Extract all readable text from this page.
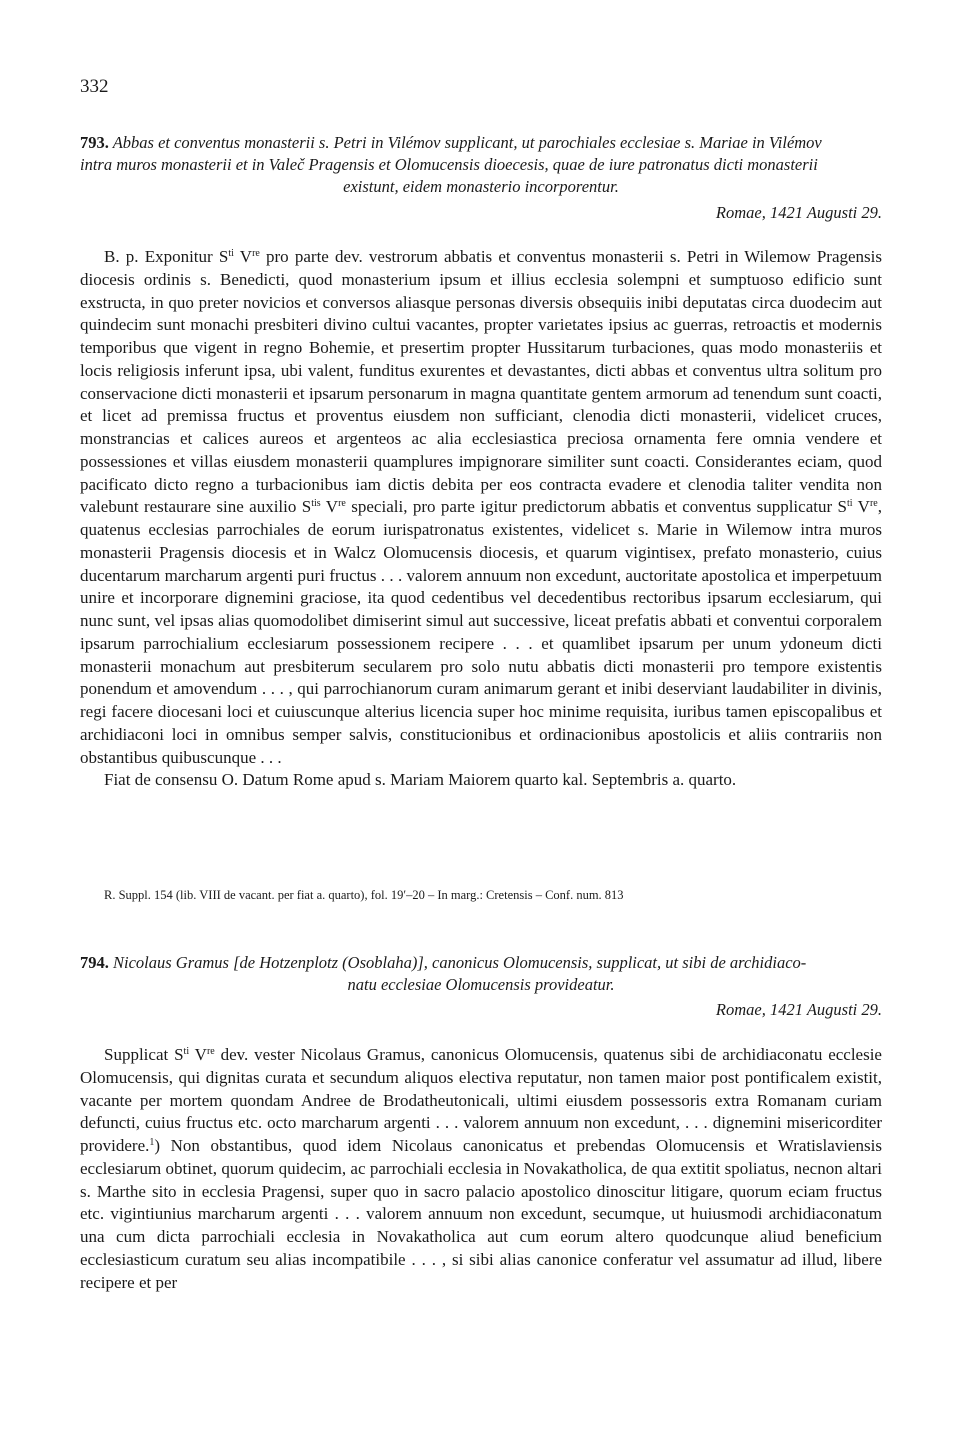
332
793. Abbas et conventus monasterii s. Petri in Vilémov supplicant, ut parochiales ecclesiae s. Mariae in Vilémov
intra muros monasterii et in Valeč Pragensis et Olomucensis dioecesis, quae de iure patronatus dicti monasterii
existunt, eidem monasterio incorporentur.
Romae, 1421 Augusti 29.

B. p. Exponitur $S^{ti}$ Vre pro parte dev. vestrorum abbatis et conventus monasterii s. Petri in Wilemow Pragensis diocesis ordinis s. Benedicti, quod monasterium ipsum et illius ecclesia solempni et sumptuoso edificio sunt exstructa, in quo preter novicios et conversos aliasque personas diversis obsequiis inibi deputatas circa duodecim aut quindecim sunt monachi presbiteri divino cultui vacantes, propter varietates ipsius ac guerras, retroactis et modernis temporibus que vigent in regno Bohemie, et presertim propter Hussitarum turbaciones, quas modo monasteriis et locis religiosis inferunt ipsa, ubi valent, funditus exurentes et devastantes, dicti abbas et conventus ultra solitum pro conservacione dicti monasterii et ipsarum personarum in magna quantitate gentem armorum ad tenendum sunt coacti, et licet ad premissa fructus et proventus eiusdem non sufficiant, clenodia dicti monasterii, videlicet cruces, monstrancias et calices aureos et argenteos ac alia ecclesiastica preciosa ornamenta fere omnia vendere et possessiones et villas eiusdem monasterii quamplures impignorare similiter sunt coacti. Considerantes eciam, quod pacificato dicto regno a turbacionibus iam dictis debita per eos contracta evadere et clenodia taliter vendita non valebunt restaurare sine auxilio $S^{tis}$ Vre speciali, pro parte igitur predictorum abbatis et conventus supplicatur $S^{ti}$ Vre, quatenus ecclesias parrochiales de eorum iurispatronatus existentes, videlicet s. Marie in Wilemow intra muros monasterii Pragensis diocesis et in Walcz Olomucensis diocesis, et quarum vigintisex, prefato monasterio, cuius ducentarum marcharum argenti puri fructus . . . valorem annuum non excedunt, auctoritate apostolica et imperpetuum unire et incorporare dignemini graciose, ita quod cedentibus vel decedentibus rectoribus ipsarum ecclesiarum, qui nunc sunt, vel ipsas alias quomodolibet dimiserint simul aut successive, liceat prefatis abbati et conventui corporalem ipsarum parrochialium ecclesiarum possessionem recipere . . . et quamlibet ipsarum per unum ydoneum dicti monasterii monachum aut presbiterum secularem pro solo nutu abbatis dicti monasterii pro tempore existentis ponendum et amovendum . . . , qui parrochianorum curam animarum gerant et inibi deserviant laudabiliter in divinis, regi facere diocesani loci et cuiuscunque alterius licencia super hoc minime requisita, iuribus tamen episcopalibus et archidiaconi loci in omnibus semper salvis, constitucionibus et ordinacionibus apostolicis et aliis contrariis non obstantibus quibuscunque . . .

Fiat de consensu O. Datum Rome apud s. Mariam Maiorem quarto kal. Septembris a. quarto.

R. Suppl. 154 (lib. VIII de vacant. per fiat a. quarto), fol. 19′–20 – In marg.: Cretensis – Conf. num. 813
794. Nicolaus Gramus [de Hotzenplotz (Osoblaha)], canonicus Olomucensis, supplicat, ut sibi de archidiaco-
natu ecclesiae Olomucensis provideatur.
Romae, 1421 Augusti 29.

Supplicat $S^{ti}$ Vre dev. vester Nicolaus Gramus, canonicus Olomucensis, quatenus sibi de archidiaconatu ecclesie Olomucensis, qui dignitas curata et secundum aliquos electiva reputatur, non tamen maior post pontificalem existit, vacante per mortem quondam Andree de Brodatheutonicali, ultimi eiusdem possessoris extra Romanam curiam defuncti, cuius fructus etc. octo marcharum argenti . . . valorem annuum non excedunt, . . . dignemini misericorditer providere.$^1$) Non obstantibus, quod idem Nicolaus canonicatus et prebendas Olomucensis et Wratislaviensis ecclesiarum obtinet, quorum quidecim, ac parrochiali ecclesia in Novakatholica, de qua extitit spoliatus, necnon altari s. Marthe sito in ecclesia Pragensi, super quo in sacro palacio apostolico dinoscitur litigare, quorum eciam fructus etc. vigintiunius marcharum argenti . . . valorem annuum non excedunt, secumque, ut huiusmodi archidiaconatum una cum dicta parrochiali ecclesia in Novakatholica aut cum eorum altero quodcunque aliud beneficium ecclesiasticum curatum seu alias incompatibile . . . , si sibi alias canonice conferatur vel assumatur ad illud, libere recipere et per
